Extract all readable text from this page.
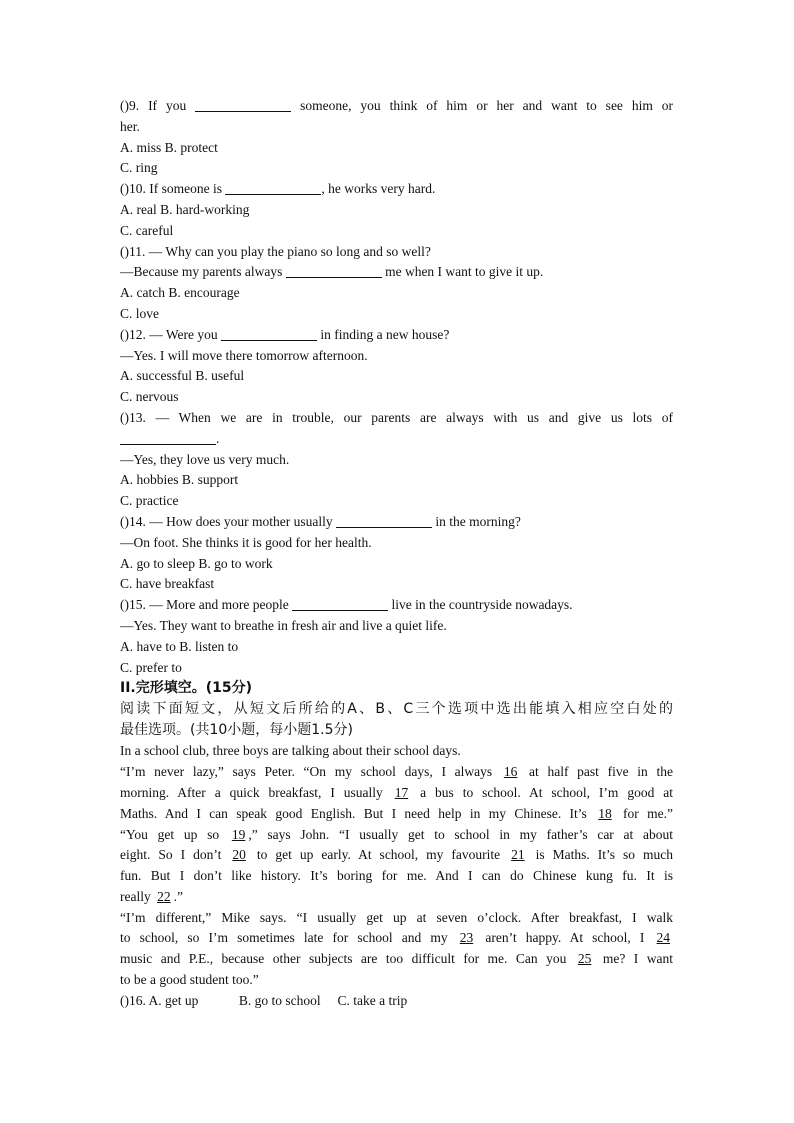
()9. If you	someone, you think of him or her and want to see him or
her.
A. miss B. protect
C. ring
()10. If someone is	, he works very hard.
A. real B. hard-working
C. careful
()11. — Why can you play the piano so long and so well?
—Because my parents always	me when I want to give it up.
A. catch B. encourage
C. love
()12. — Were you	in finding a new house?
—Yes. I will move there tomorrow afternoon.
A. successful B. useful
C. nervous
()13. — When we are in trouble, our parents are always with us and give us lots of
.
—Yes, they love us very much.
A. hobbies B. support
C. practice
()14. — How does your mother usually	in the morning?
—On foot. She thinks it is good for her health.
A. go to sleep B. go to work
C. have breakfast
()15. — More and more people	live in the countryside nowadays.
—Yes. They want to breathe in fresh air and live a quiet life.
A. have to B. listen to
C. prefer to
II.完形填空。(15分)
阅读下面短文，从短文后所给的A、B、C三个选项中选出能填入相应空白处的
最佳选项。(共10小题，每小题1.5分)
In a school club, three boys are talking about their school days.
“I’m never lazy,” says Peter. “On my school days, I always 16 at half past five in the
morning. After a quick breakfast, I usually 17 a bus to school. At school, I’m good at
Maths. And I can speak good English. But I need help in my Chinese. It’s 18 for me.”
“You get up so 19 ,” says John. “I usually get to school in my father’s car at about
eight. So I don’t 20 to get up early. At school, my favourite 21 is Maths. It’s so much
fun. But I don’t like history. It’s boring for me. And I can do Chinese kung fu. It is
really 22 .”
“I’m different,” Mike says. “I usually get up at seven o’clock. After breakfast, I walk
to school, so I’m sometimes late for school and my 23 aren’t happy. At school, I 24
music and P.E., because other subjects are too difficult for me. Can you 25 me? I want
to be a good student too.”
()16. A. get up            B. go to school     C. take a trip
